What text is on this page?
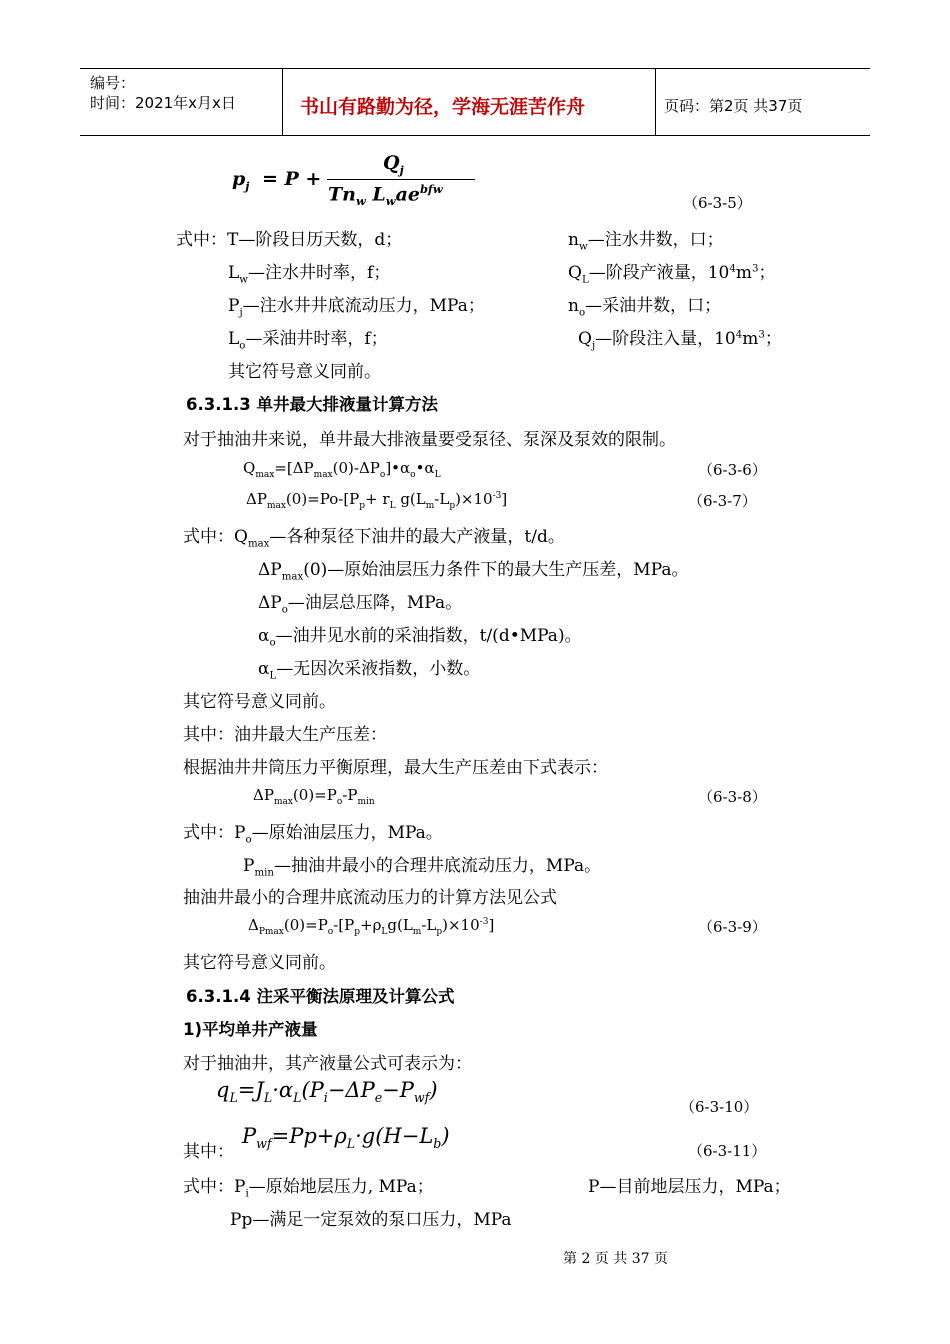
编号：
时间：2021年x月x日	书山有路勤为径，学海无涯苦作舟	页码：第2页 共37页
$p_j = P$ +
$Q_j$
$Tn_w$ $L_wae^{bfw}$
（6-3-5）
式中：T—阶段日历天数，d；	$n_w—$注水井数，口；
$L_w—$注水井时率，f；	$Q_L—$阶段产液量，$10^4m^3$；
$P_j—$注水井井底流动压力，MPa；	$n_o—$采油井数，口；
$L_o—$采油井时率，f；	$Q_j—$阶段注入量，$10^4m^3$；
其它符号意义同前。
6.3.1.3 单井最大排液量计算方法
对于抽油井来说，单井最大排液量要受泵径、泵深及泵效的限制。
$Q_{max}=[\Delta P_{max}(0)-\Delta P_o]•\alpha_o•\alpha_L$	（6-3-6）
$\Delta P_{max}(0)=Po-[P_p+ r_L$ $g(L_m-L_p)\times 10^{-3}$]	（6-3-7）
式中：$Q_{max}—$各种泵径下油井的最大产液量，t/d。
$\Delta P_{max}(0)—$原始油层压力条件下的最大生产压差，MPa。
$\Delta P_o—$油层总压降，MPa。
$\alpha_o—$油井见水前的采油指数，t/(d•MPa)。
$\alpha_L—$无因次采液指数，小数。
其它符号意义同前。
其中：油井最大生产压差：
根据油井井筒压力平衡原理，最大生产压差由下式表示：
$\Delta P_{max}(0)=P_o-P_{min}$	（6-3-8）
式中：$P_o—$原始油层压力，MPa。
$P_{min}—$抽油井最小的合理井底流动压力，MPa。
抽油井最小的合理井底流动压力的计算方法见公式
$\Delta_{Pmax}(0)=P_o-[P_p+\rho_Lg(L_m-L_p)\times 10^{-3}]$	（6-3-9）
其它符号意义同前。
6.3.1.4 注采平衡法原理及计算公式
1)平均单井产液量
对于抽油井，其产液量公式可表示为：
$q_L=J_L\cdot\alpha_L(P_i-\Delta P_e-P_{wf})$
（6-3-10）
其中：
$P_{wf}=Pp+\rho_L\cdot g(H-L_b)$
（6-3-11）
式中：$P_i—$原始地层压力, MPa；	P—目前地层压力，MPa；
Pp—满足一定泵效的泵口压力，MPa
第 2 页 共 37 页
